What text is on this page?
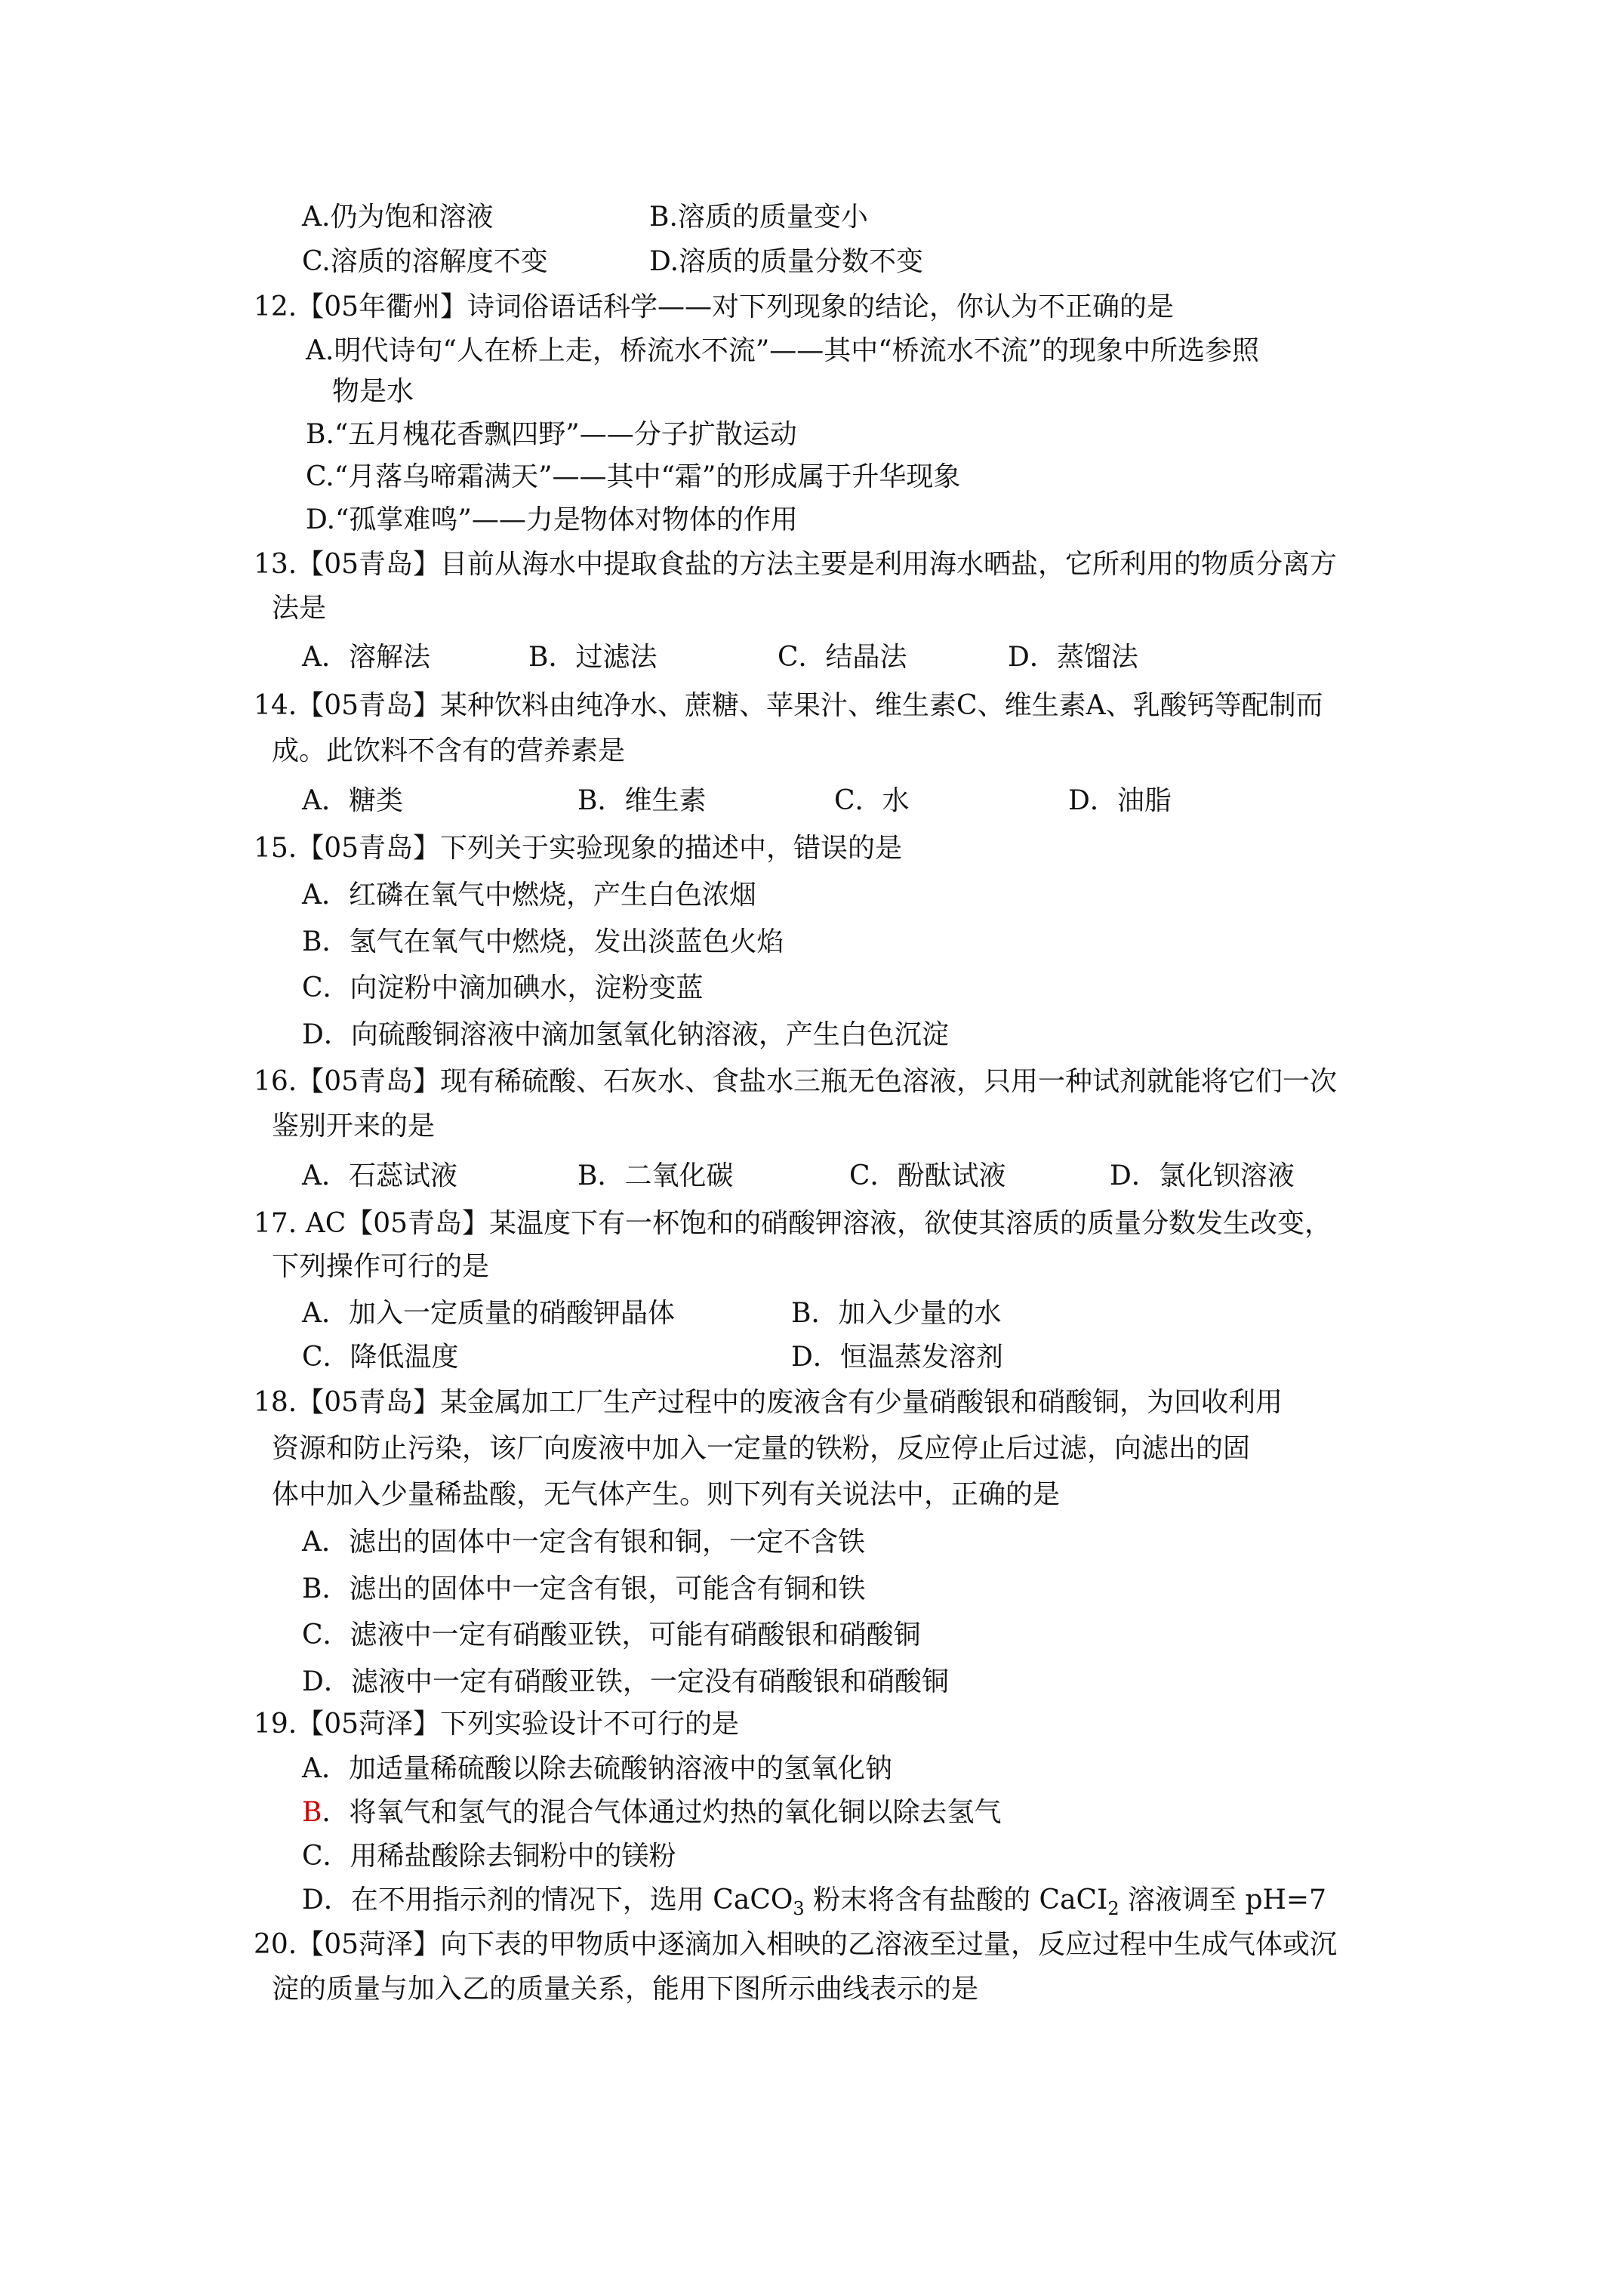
A.仍为饱和溶液	B.溶质的质量变小
C.溶质的溶解度不变	D.溶质的质量分数不变
12.【05年衢州】诗词俗语话科学——对下列现象的结论，你认为不正确的是
A.明代诗句“人在桥上走，桥流水不流”——其中“桥流水不流”的现象中所选参照
物是水
B.“五月槐花香飘四野”——分子扩散运动
C.“月落乌啼霜满天”——其中“霜”的形成属于升华现象
D.“孤掌难鸣”——力是物体对物体的作用
13.【05青岛】目前从海水中提取食盐的方法主要是利用海水晒盐，它所利用的物质分离方
法是
A．溶解法	B．过滤法	C．结晶法	D．蒸馏法
14.【05青岛】某种饮料由纯净水、蔗糖、苹果汁、维生素C、维生素A、乳酸钙等配制而
成。此饮料不含有的营养素是
A．糖类	B．维生素	C．水	D．油脂
15.【05青岛】下列关于实验现象的描述中，错误的是
A．红磷在氧气中燃烧，产生白色浓烟
B．氢气在氧气中燃烧，发出淡蓝色火焰
C．向淀粉中滴加碘水，淀粉变蓝
D．向硫酸铜溶液中滴加氢氧化钠溶液，产生白色沉淀
16.【05青岛】现有稀硫酸、石灰水、食盐水三瓶无色溶液，只用一种试剂就能将它们一次
鉴别开来的是
A．石蕊试液	B．二氧化碳	C．酚酞试液	D．氯化钡溶液
17. AC【05青岛】某温度下有一杯饱和的硝酸钾溶液，欲使其溶质的质量分数发生改变，
下列操作可行的是
A．加入一定质量的硝酸钾晶体	B．加入少量的水
C．降低温度	D．恒温蒸发溶剂
18.【05青岛】某金属加工厂生产过程中的废液含有少量硝酸银和硝酸铜，为回收利用
资源和防止污染，该厂向废液中加入一定量的铁粉，反应停止后过滤，向滤出的固
体中加入少量稀盐酸，无气体产生。则下列有关说法中，正确的是
A．滤出的固体中一定含有银和铜，一定不含铁
B．滤出的固体中一定含有银，可能含有铜和铁
C．滤液中一定有硝酸亚铁，可能有硝酸银和硝酸铜
D．滤液中一定有硝酸亚铁，一定没有硝酸银和硝酸铜
19.【05菏泽】下列实验设计不可行的是
A．加适量稀硫酸以除去硫酸钠溶液中的氢氧化钠
B．将氧气和氢气的混合气体通过灼热的氧化铜以除去氢气
C．用稀盐酸除去铜粉中的镁粉
D．在不用指示剂的情况下，选用 CaCO$_3$ 粉末将含有盐酸的 CaCI$_2$ 溶液调至 pH=7
20.【05菏泽】向下表的甲物质中逐滴加入相映的乙溶液至过量，反应过程中生成气体或沉
淀的质量与加入乙的质量关系，能用下图所示曲线表示的是
